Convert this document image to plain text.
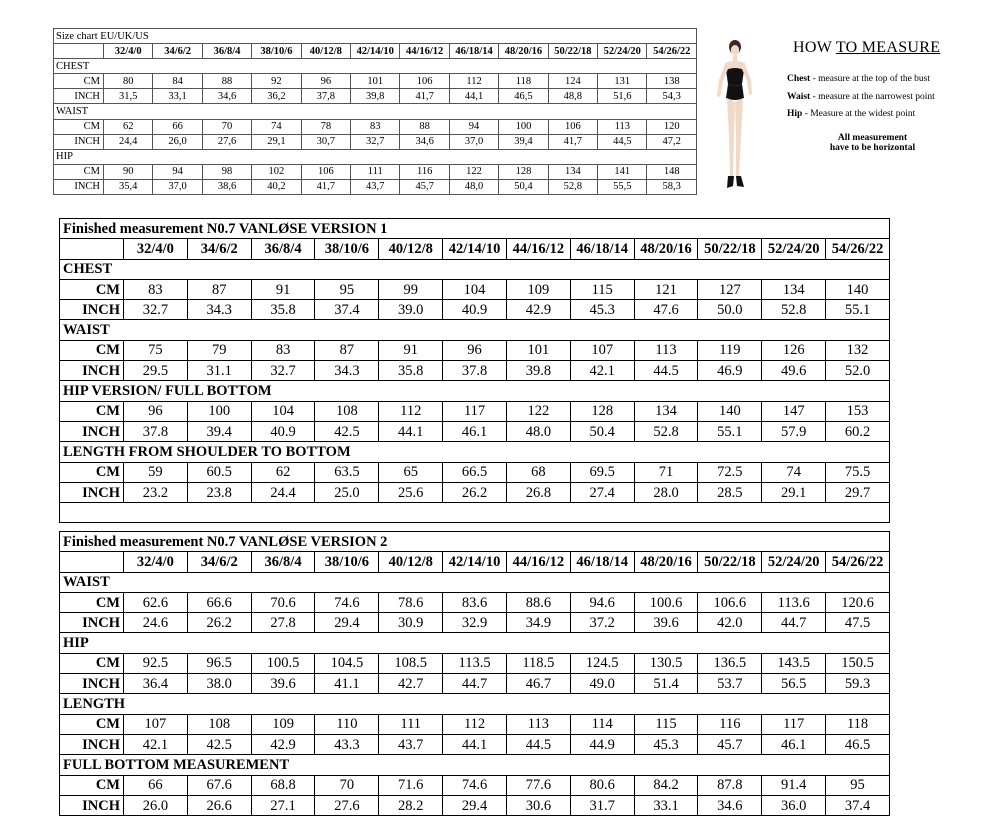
Size chart EU/UK/US												
	32/4/0	34/6/2	36/8/4	38/10/6	40/12/8	42/14/10	44/16/12	46/18/14	48/20/16	50/22/18	52/24/20	54/26/22
CHEST												
CM	80	84	88	92	96	101	106	112	118	124	131	138
INCH	31,5	33,1	34,6	36,2	37,8	39,8	41,7	44,1	46,5	48,8	51,6	54,3
WAIST												
CM	62	66	70	74	78	83	88	94	100	106	113	120
INCH	24,4	26,0	27,6	29,1	30,7	32,7	34,6	37,0	39,4	41,7	44,5	47,2
HIP												
CM	90	94	98	102	106	111	116	122	128	134	141	148
INCH	35,4	37,0	38,6	40,2	41,7	43,7	45,7	48,0	50,4	52,8	55,5	58,3
HOW TO MEASURE
Chest - measure at the top of the bust
Waist - measure at the narrowest point
Hip - Measure at the widest point
All measurement
have to be horizontal
Finished measurement N0.7 VANLØSE VERSION 1												
	32/4/0	34/6/2	36/8/4	38/10/6	40/12/8	42/14/10	44/16/12	46/18/14	48/20/16	50/22/18	52/24/20	54/26/22
CHEST												
CM	83	87	91	95	99	104	109	115	121	127	134	140
INCH	32.7	34.3	35.8	37.4	39.0	40.9	42.9	45.3	47.6	50.0	52.8	55.1
WAIST												
CM	75	79	83	87	91	96	101	107	113	119	126	132
INCH	29.5	31.1	32.7	34.3	35.8	37.8	39.8	42.1	44.5	46.9	49.6	52.0
HIP VERSION/ FULL BOTTOM												
CM	96	100	104	108	112	117	122	128	134	140	147	153
INCH	37.8	39.4	40.9	42.5	44.1	46.1	48.0	50.4	52.8	55.1	57.9	60.2
LENGTH FROM SHOULDER TO BOTTOM												
CM	59	60.5	62	63.5	65	66.5	68	69.5	71	72.5	74	75.5
INCH	23.2	23.8	24.4	25.0	25.6	26.2	26.8	27.4	28.0	28.5	29.1	29.7

Finished measurement N0.7 VANLØSE VERSION 2												
	32/4/0	34/6/2	36/8/4	38/10/6	40/12/8	42/14/10	44/16/12	46/18/14	48/20/16	50/22/18	52/24/20	54/26/22
WAIST												
CM	62.6	66.6	70.6	74.6	78.6	83.6	88.6	94.6	100.6	106.6	113.6	120.6
INCH	24.6	26.2	27.8	29.4	30.9	32.9	34.9	37.2	39.6	42.0	44.7	47.5
HIP												
CM	92.5	96.5	100.5	104.5	108.5	113.5	118.5	124.5	130.5	136.5	143.5	150.5
INCH	36.4	38.0	39.6	41.1	42.7	44.7	46.7	49.0	51.4	53.7	56.5	59.3
LENGTH												
CM	107	108	109	110	111	112	113	114	115	116	117	118
INCH	42.1	42.5	42.9	43.3	43.7	44.1	44.5	44.9	45.3	45.7	46.1	46.5
FULL BOTTOM MEASUREMENT												
CM	66	67.6	68.8	70	71.6	74.6	77.6	80.6	84.2	87.8	91.4	95
INCH	26.0	26.6	27.1	27.6	28.2	29.4	30.6	31.7	33.1	34.6	36.0	37.4
